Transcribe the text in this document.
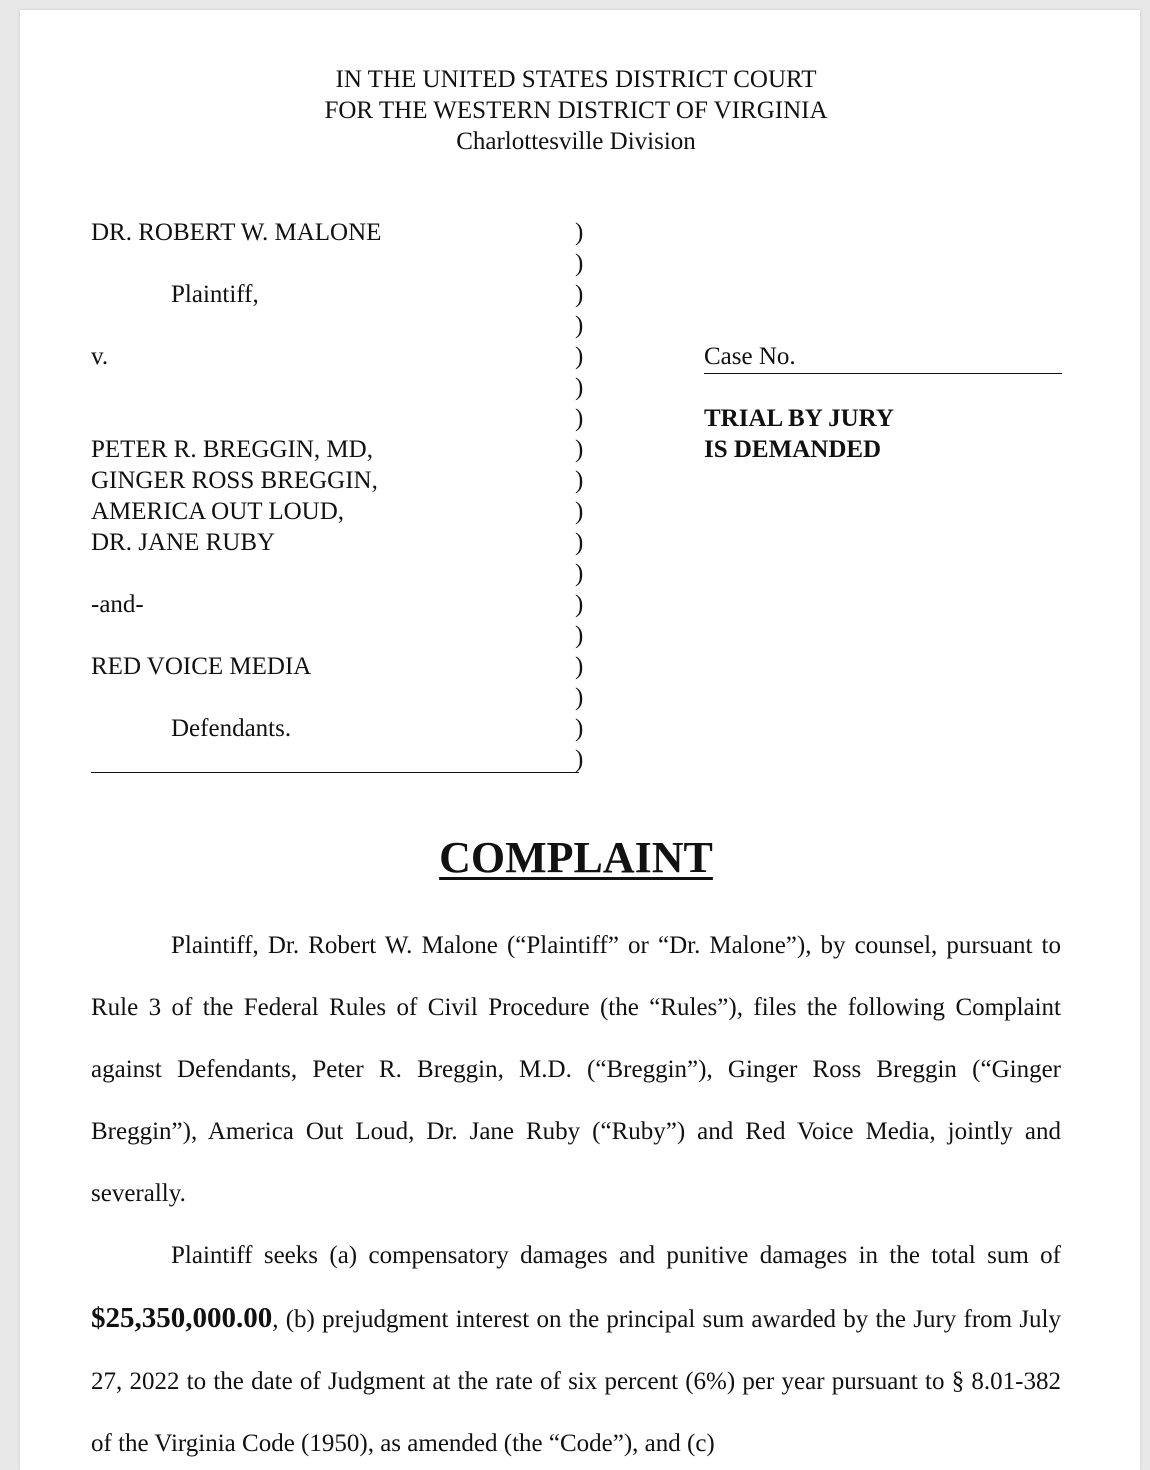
IN THE UNITED STATES DISTRICT COURT
FOR THE WESTERN DISTRICT OF VIRGINIA
Charlottesville Division
DR. ROBERT W. MALONE
Plaintiff,
v.
PETER R. BREGGIN, MD,
GINGER ROSS BREGGIN,
AMERICA OUT LOUD,
DR. JANE RUBY
-and-
RED VOICE MEDIA
Defendants.
)
)
)
)
)
)
)
)
)
)
)
)
)
)
)
)
)
)
Case No.
TRIAL BY JURY
IS DEMANDED
COMPLAINT

Plaintiff, Dr. Robert W. Malone (“Plaintiff” or “Dr. Malone”), by counsel, pursuant to Rule 3 of the Federal Rules of Civil Procedure (the “Rules”), files the following Complaint against Defendants, Peter R. Breggin, M.D. (“Breggin”), Ginger Ross Breggin (“Ginger Breggin”), America Out Loud, Dr. Jane Ruby (“Ruby”) and Red Voice Media, jointly and severally.

Plaintiff seeks (a) compensatory damages and punitive damages in the total sum of $25,350,000.00, (b) prejudgment interest on the principal sum awarded by the Jury from July 27, 2022 to the date of Judgment at the rate of six percent (6%) per year pursuant to § 8.01-382 of the Virginia Code (1950), as amended (the “Code”), and (c)
